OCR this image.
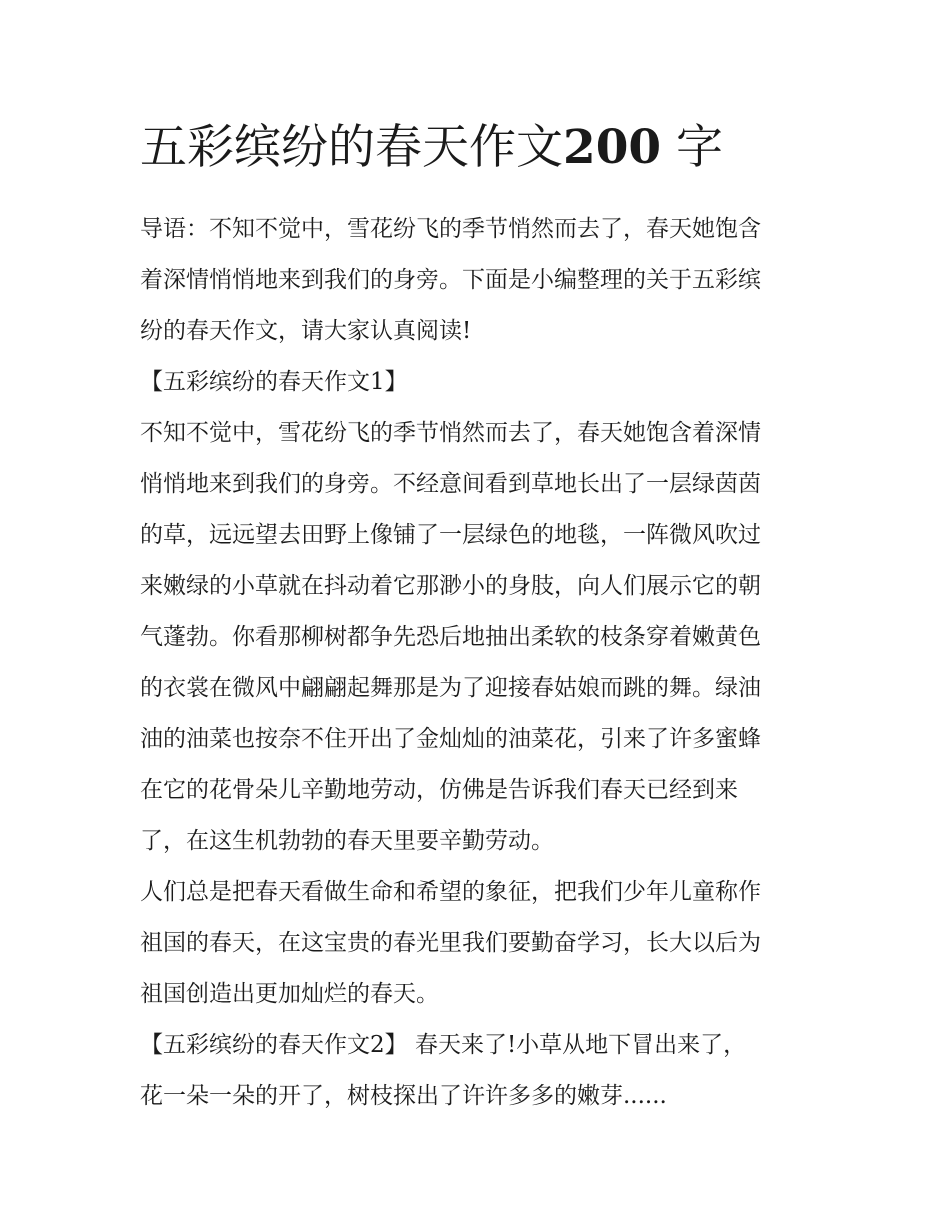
五彩缤纷的春天作文200 字
导语：不知不觉中，雪花纷飞的季节悄然而去了，春天她饱含
着深情悄悄地来到我们的身旁。下面是小编整理的关于五彩缤
纷的春天作文，请大家认真阅读!
【五彩缤纷的春天作文1】
不知不觉中，雪花纷飞的季节悄然而去了，春天她饱含着深情
悄悄地来到我们的身旁。不经意间看到草地长出了一层绿茵茵
的草，远远望去田野上像铺了一层绿色的地毯，一阵微风吹过
来嫩绿的小草就在抖动着它那渺小的身肢，向人们展示它的朝
气蓬勃。你看那柳树都争先恐后地抽出柔软的枝条穿着嫩黄色
的衣裳在微风中翩翩起舞那是为了迎接春姑娘而跳的舞。绿油
油的油菜也按奈不住开出了金灿灿的油菜花，引来了许多蜜蜂
在它的花骨朵儿辛勤地劳动，仿佛是告诉我们春天已经到来
了，在这生机勃勃的春天里要辛勤劳动。
人们总是把春天看做生命和希望的象征，把我们少年儿童称作
祖国的春天，在这宝贵的春光里我们要勤奋学习，长大以后为
祖国创造出更加灿烂的春天。
【五彩缤纷的春天作文2】 春天来了!小草从地下冒出来了，
花一朵一朵的开了，树枝探出了许许多多的嫩芽......
